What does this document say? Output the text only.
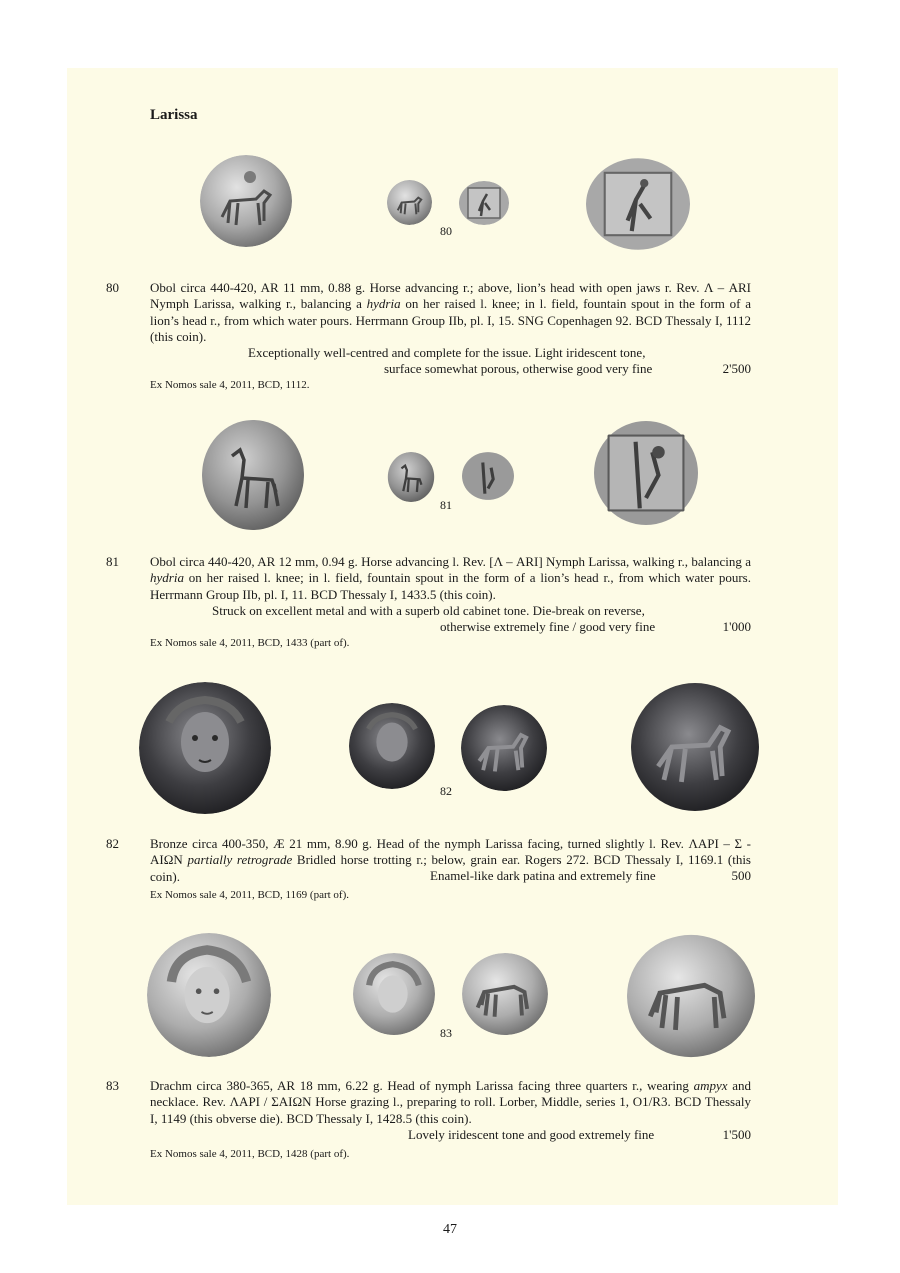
Larissa
80
80 Obol circa 440-420, AR 11 mm, 0.88 g. Horse advancing r.; above, lion’s head with open jaws r. Rev. Λ – ARI Nymph Larissa, walking r., balancing a hydria on her raised l. knee; in l. field, fountain spout in the form of a lion’s head r., from which water pours. Herrmann Group IIb, pl. I, 15. SNG Copenhagen 92. BCD Thessaly I, 1112 (this coin).
Exceptionally well-centred and complete for the issue. Light iridescent tone,
surface somewhat porous, otherwise good very fine	2'500
Ex Nomos sale 4, 2011, BCD, 1112.
81
81 Obol circa 440-420, AR 12 mm, 0.94 g. Horse advancing l. Rev. [Λ – ARI] Nymph Larissa, walking r., balancing a hydria on her raised l. knee; in l. field, fountain spout in the form of a lion’s head r., from which water pours. Herrmann Group IIb, pl. I, 11. BCD Thessaly I, 1433.5 (this coin).
Struck on excellent metal and with a superb old cabinet tone. Die-break on reverse,
otherwise extremely fine / good very fine	1'000
Ex Nomos sale 4, 2011, BCD, 1433 (part of).
82
82 Bronze circa 400-350, Æ 21 mm, 8.90 g. Head of the nymph Larissa facing, turned slightly l. Rev. ΛΑΡΙ – Σ - ΑΙΩΝ partially retrograde Bridled horse trotting r.; below, grain ear. Rogers 272. BCD Thessaly I, 1169.1 (this coin).	Enamel-like dark patina and extremely fine	500
Ex Nomos sale 4, 2011, BCD, 1169 (part of).
83
83 Drachm circa 380-365, AR 18 mm, 6.22 g. Head of nymph Larissa facing three quarters r., wearing ampyx and necklace. Rev. ΛΑΡΙ / ΣΑΙΩΝ Horse grazing l., preparing to roll. Lorber, Middle, series 1, O1/R3. BCD Thessaly I, 1149 (this obverse die). BCD Thessaly I, 1428.5 (this coin).
Lovely iridescent tone and good extremely fine	1'500
Ex Nomos sale 4, 2011, BCD, 1428 (part of).
47
